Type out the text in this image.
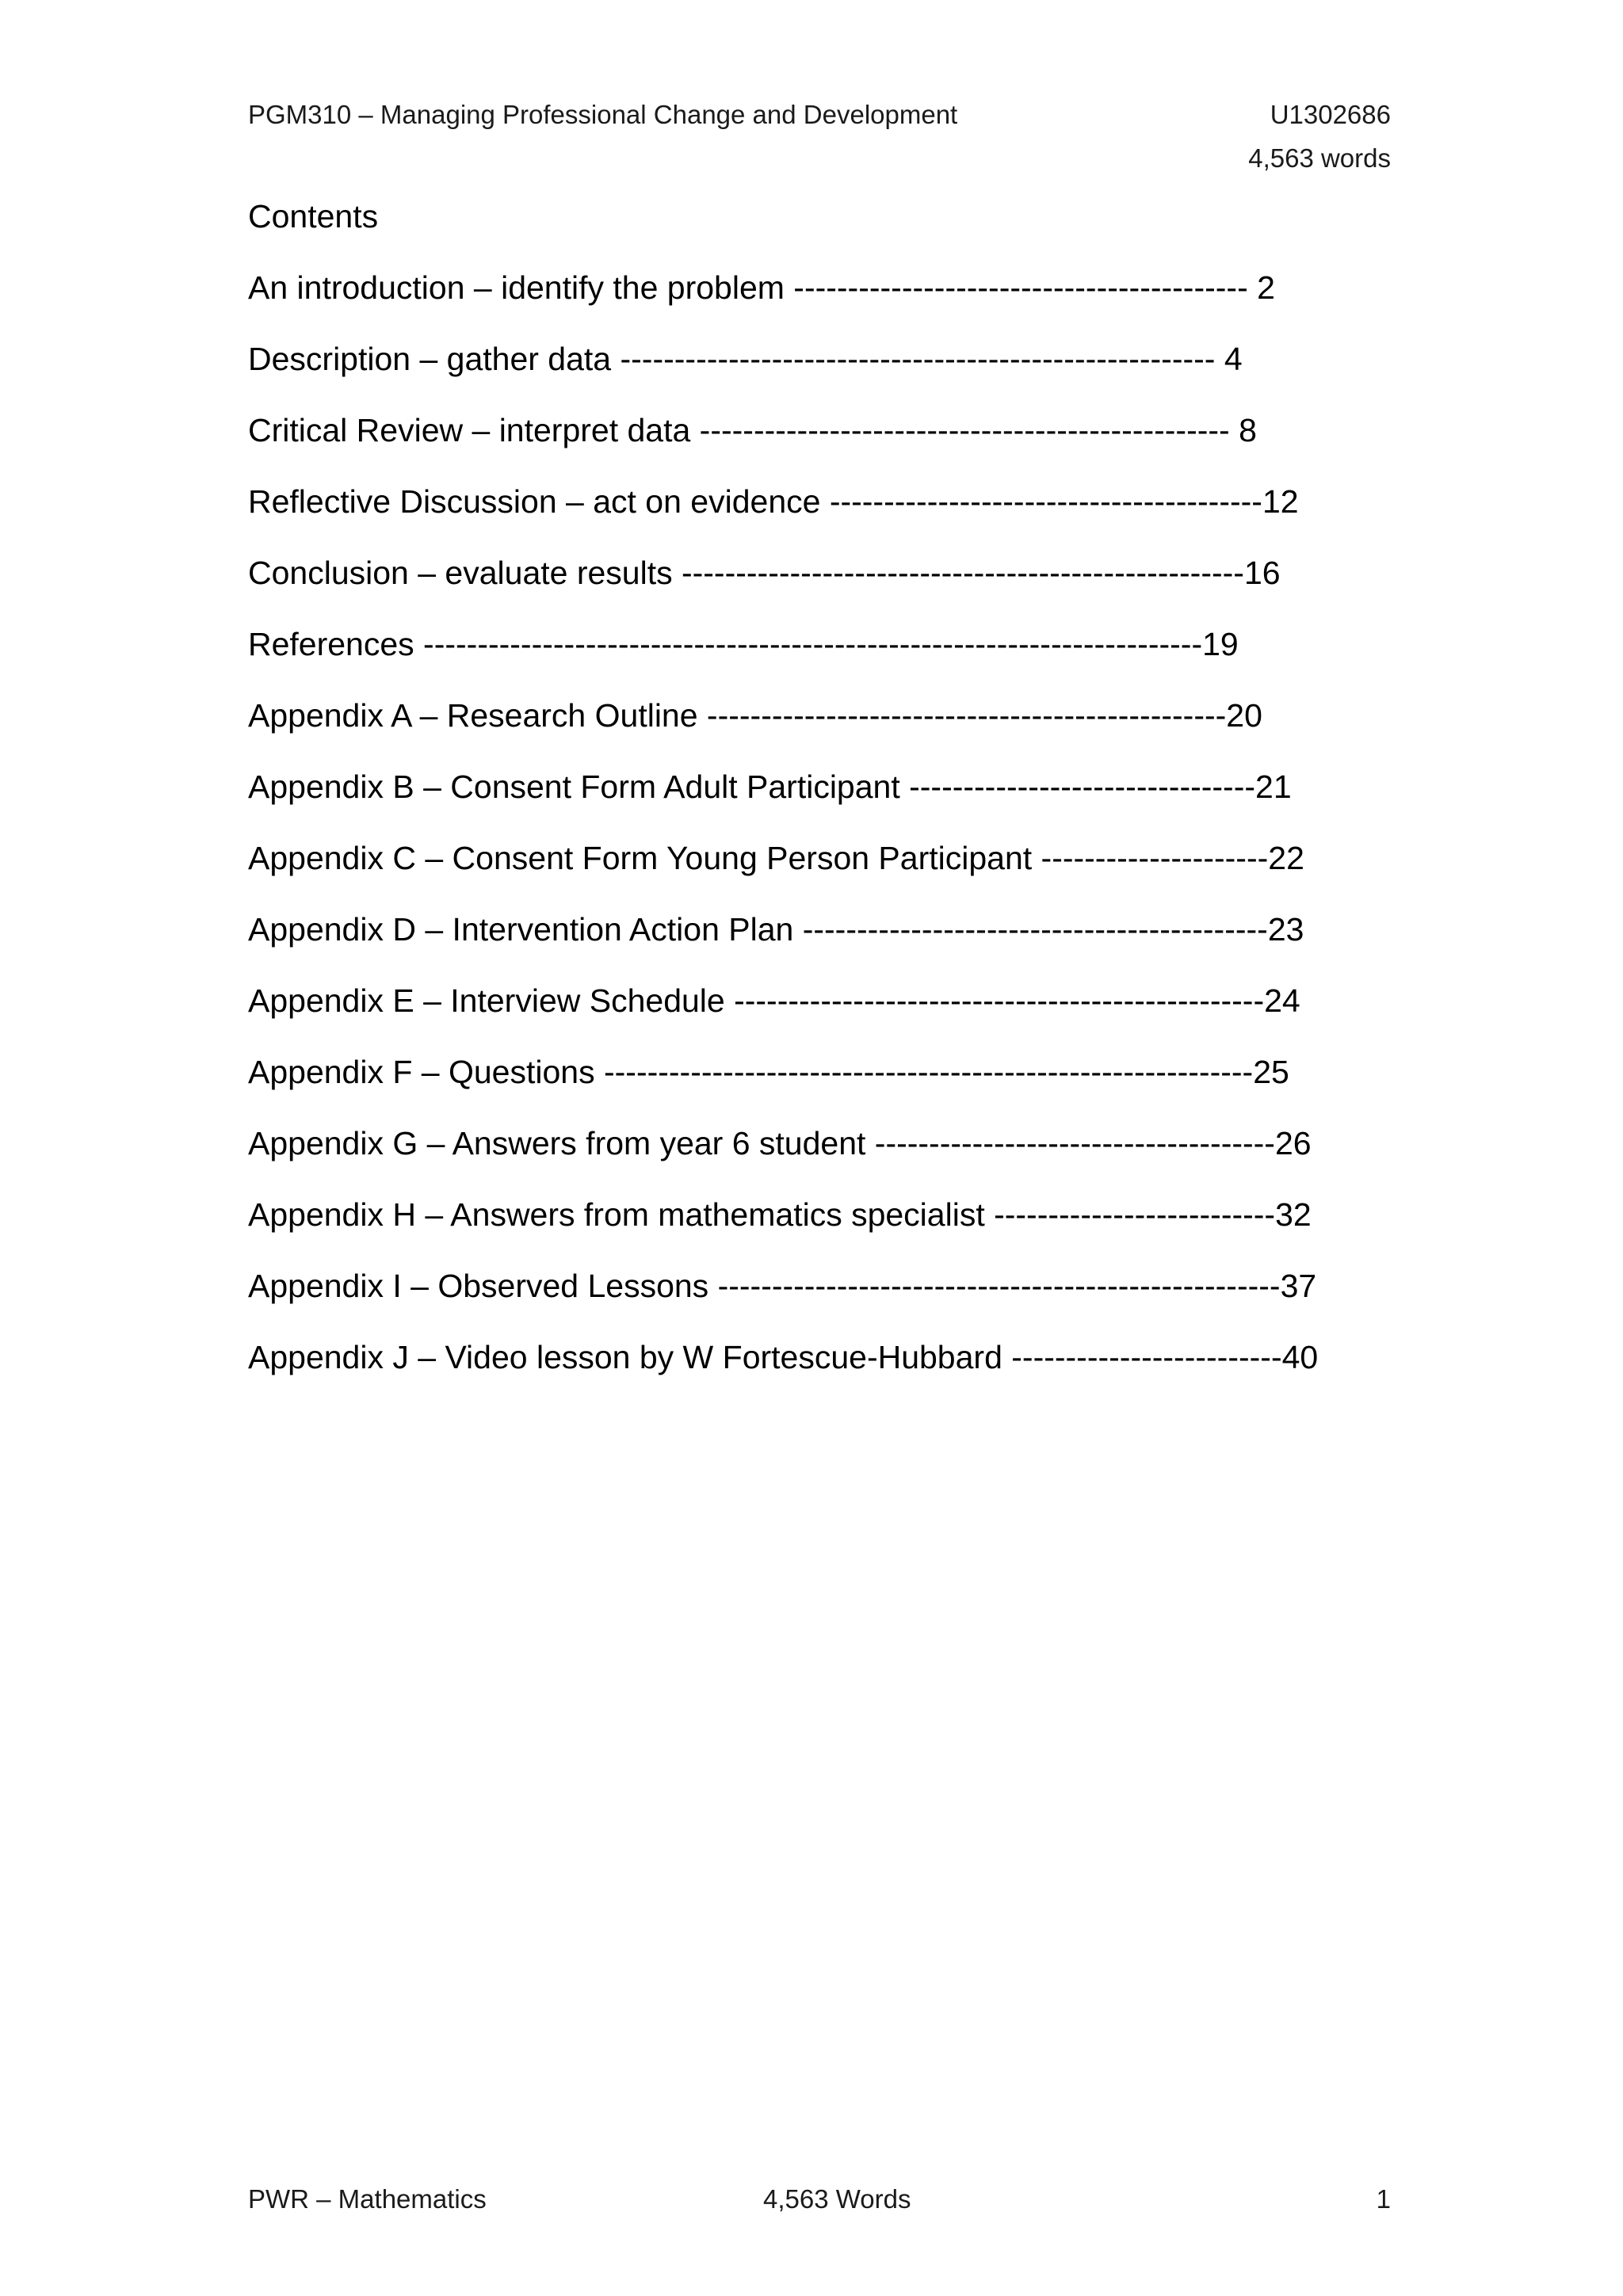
PGM310 – Managing Professional Change and Development	U1302686
4,563 words
Contents
An introduction – identify the problem ------------------------------------------ 2
Description – gather data ------------------------------------------------------- 4
Critical Review – interpret data ------------------------------------------------- 8
Reflective Discussion – act on evidence ----------------------------------------12
Conclusion – evaluate results ----------------------------------------------------16
References ------------------------------------------------------------------------19
Appendix A – Research Outline ------------------------------------------------20
Appendix B – Consent Form Adult Participant --------------------------------21
Appendix C – Consent Form Young Person Participant ---------------------22
Appendix D – Intervention Action Plan -------------------------------------------23
Appendix E – Interview Schedule -------------------------------------------------24
Appendix F – Questions ------------------------------------------------------------25
Appendix G – Answers from year 6 student -------------------------------------26
Appendix H – Answers from mathematics specialist --------------------------32
Appendix I – Observed Lessons ----------------------------------------------------37
Appendix J – Video lesson by W Fortescue-Hubbard -------------------------40
PWR – Mathematics	4,563 Words	1
